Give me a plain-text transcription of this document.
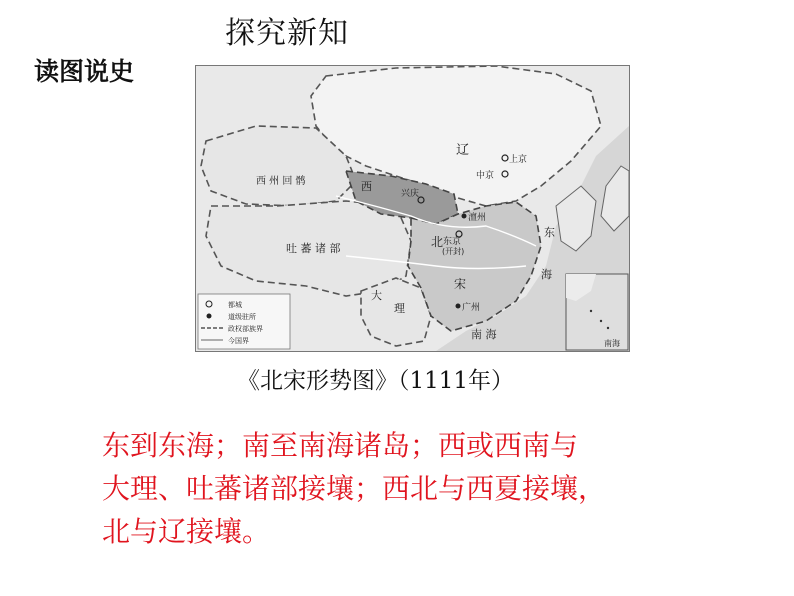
探究新知
读图说史
辽
西
西 州 回 鹘
吐 蕃 诸 部
大
理
北
宋
东
海
南 海
上京
中京
兴庆
澶州
东京
(开封)
广州
都城
道级驻所
政权部族界
今国界	南海
《北宋形势图》（1111年）
东到东海；南至南海诸岛；西或西南与
大理、吐蕃诸部接壤；西北与西夏接壤，
北与辽接壤。
